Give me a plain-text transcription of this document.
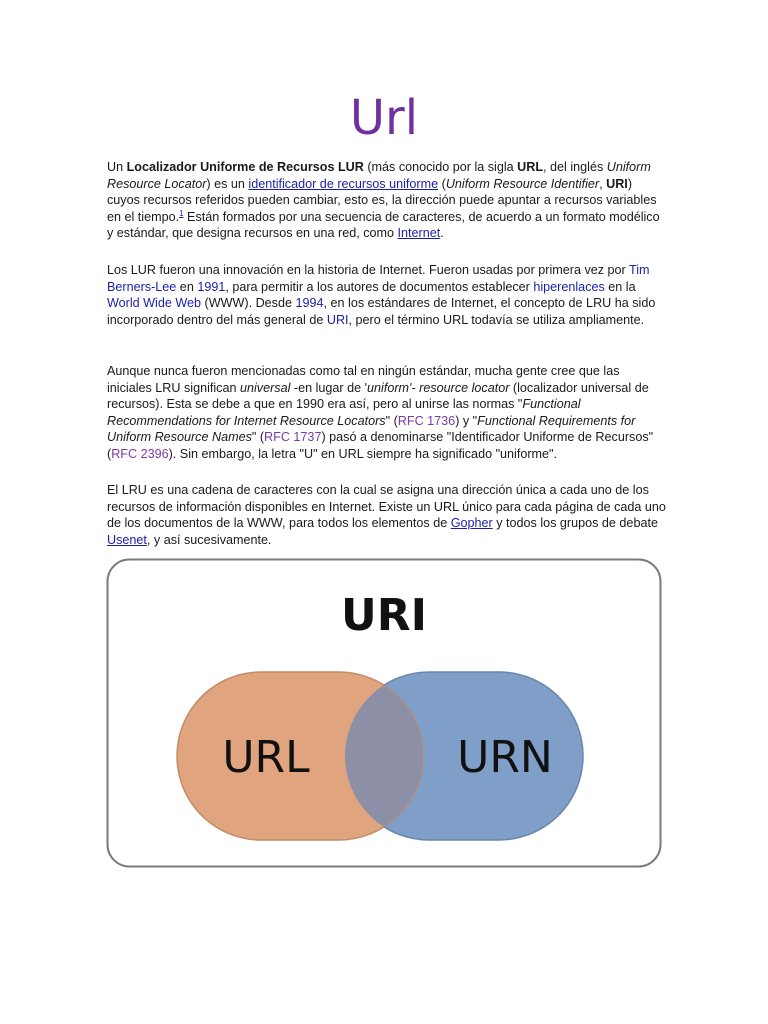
Url

Un Localizador Uniforme de Recursos LUR (más conocido por la sigla URL, del inglés Uniform Resource Locator) es un identificador de recursos uniforme (Uniform Resource Identifier, URI) cuyos recursos referidos pueden cambiar, esto es, la dirección puede apuntar a recursos variables en el tiempo.$^1$ Están formados por una secuencia de caracteres, de acuerdo a un formato modélico y estándar, que designa recursos en una red, como Internet.

Los LUR fueron una innovación en la historia de Internet. Fueron usadas por primera vez por Tim Berners-Lee en 1991, para permitir a los autores de documentos establecer hiperenlaces en la World Wide Web (WWW). Desde 1994, en los estándares de Internet, el concepto de LRU ha sido incorporado dentro del más general de URI, pero el término URL todavía se utiliza ampliamente.

Aunque nunca fueron mencionadas como tal en ningún estándar, mucha gente cree que las iniciales LRU significan universal -en lugar de 'uniform'- resource locator (localizador universal de recursos). Esta se debe a que en 1990 era así, pero al unirse las normas "Functional Recommendations for Internet Resource Locators" (RFC 1736) y "Functional Requirements for Uniform Resource Names" (RFC 1737) pasó a denominarse "Identificador Uniforme de Recursos" (RFC 2396). Sin embargo, la letra "U" en URL siempre ha significado "uniforme".

El LRU es una cadena de caracteres con la cual se asigna una dirección única a cada uno de los recursos de información disponibles en Internet. Existe un URL único para cada página de cada uno de los documentos de la WWW, para todos los elementos de Gopher y todos los grupos de debate Usenet, y así sucesivamente.

URI
URL	URN
